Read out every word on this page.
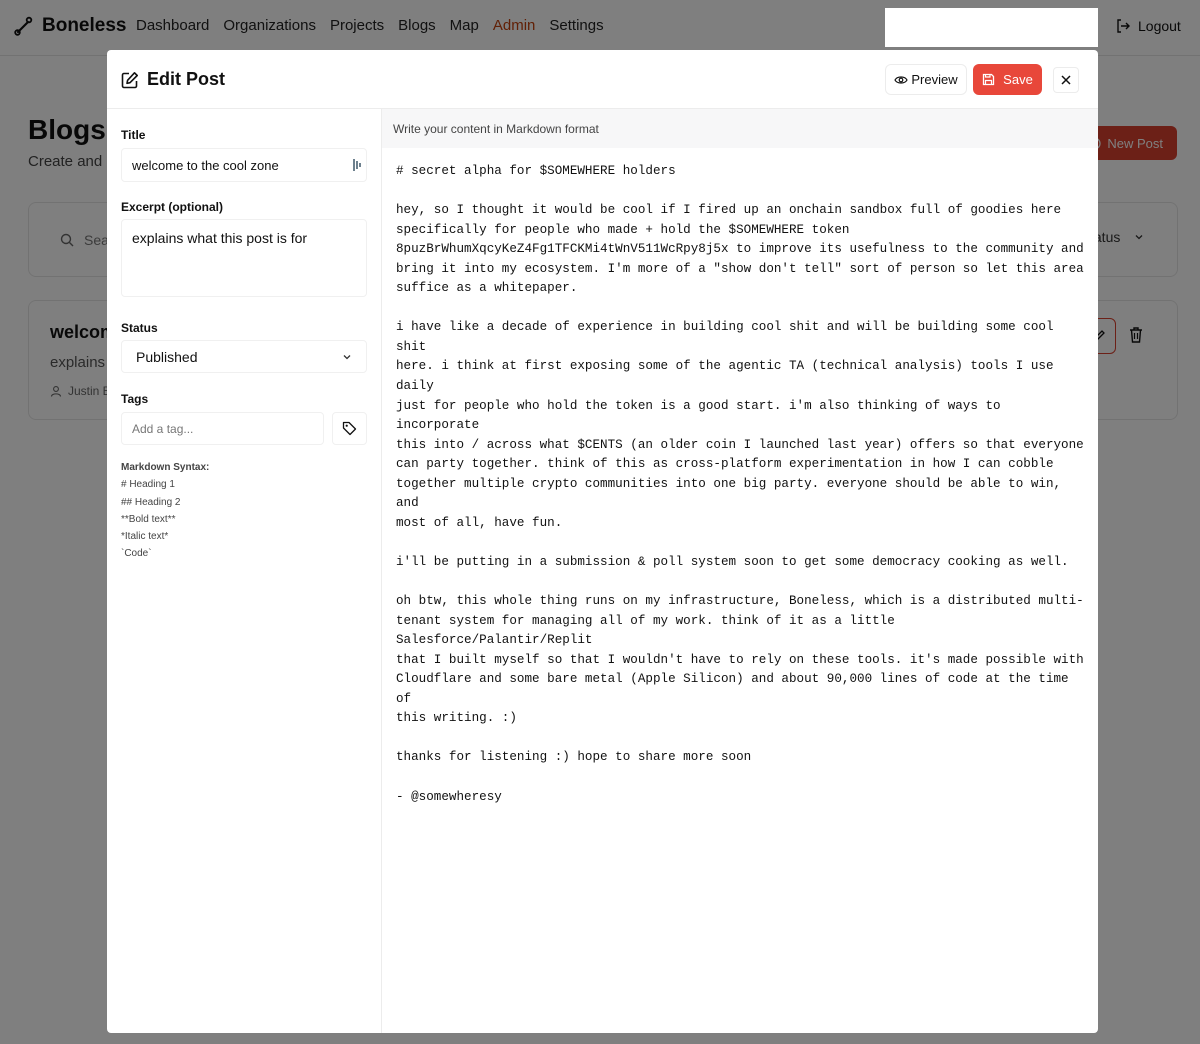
Edit Post	Preview	Save
Title
welcome to the cool zone
Excerpt (optional)
explains what this post is for
Status
Published
Tags
Add a tag...
Markdown Syntax:
# Heading 1
## Heading 2
**Bold text**
*Italic text*
`Code`
Write your content in Markdown format
# secret alpha for $SOMEWHERE holders

hey, so I thought it would be cool if I fired up an onchain sandbox full of goodies here
specifically for people who made + hold the $SOMEWHERE token
8puzBrWhumXqcyKeZ4Fg1TFCKMi4tWnV511WcRpy8j5x to improve its usefulness to the community and
bring it into my ecosystem. I'm more of a "show don't tell" sort of person so let this area
suffice as a whitepaper.

i have like a decade of experience in building cool shit and will be building some cool shit
here. i think at first exposing some of the agentic TA (technical analysis) tools I use daily
just for people who hold the token is a good start. i'm also thinking of ways to incorporate
this into / across what $CENTS (an older coin I launched last year) offers so that everyone
can party together. think of this as cross-platform experimentation in how I can cobble
together multiple crypto communities into one big party. everyone should be able to win, and
most of all, have fun.

i'll be putting in a submission & poll system soon to get some democracy cooking as well.

oh btw, this whole thing runs on my infrastructure, Boneless, which is a distributed multi-
tenant system for managing all of my work. think of it as a little Salesforce/Palantir/Replit
that I built myself so that I wouldn't have to rely on these tools. it's made possible with
Cloudflare and some bare metal (Apple Silicon) and about 90,000 lines of code at the time of
this writing. :)

thanks for listening :) hope to share more soon

- @somewheresy
